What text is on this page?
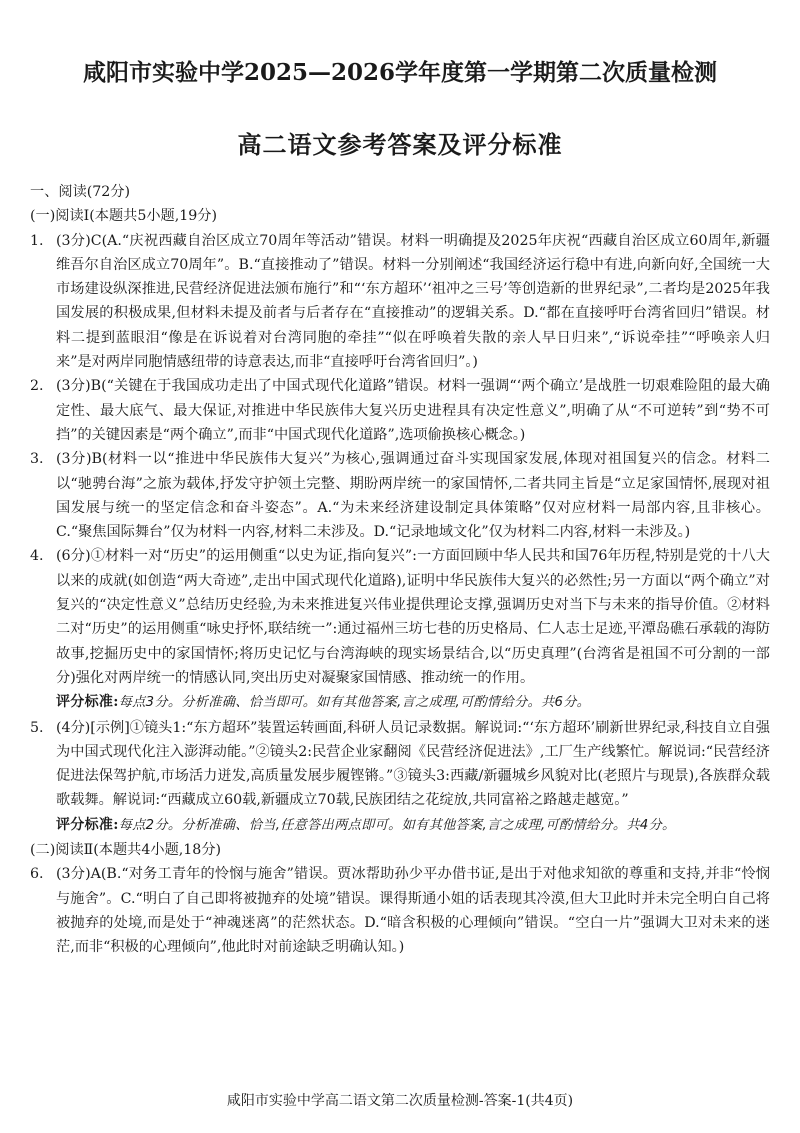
咸阳市实验中学2025—2026学年度第一学期第二次质量检测
高二语文参考答案及评分标准

一、阅读(72分)

(一)阅读Ⅰ(本题共5小题,19分)

1. (3分)C(A.“庆祝西藏自治区成立70周年等活动”错误。材料一明确提及2025年庆祝“西藏自治区成立60周年,新疆维吾尔自治区成立70周年”。B.“直接推动了”错误。材料一分别阐述“我国经济运行稳中有进,向新向好,全国统一大市场建设纵深推进,民营经济促进法颁布施行”和“‘东方超环’‘祖冲之三号’等创造新的世界纪录”,二者均是2025年我国发展的积极成果,但材料未提及前者与后者存在“直接推动”的逻辑关系。D.“都在直接呼吁台湾省回归”错误。材料二提到蓝眼泪“像是在诉说着对台湾同胞的牵挂”“似在呼唤着失散的亲人早日归来”,“诉说牵挂”“呼唤亲人归来”是对两岸同胞情感纽带的诗意表达,而非“直接呼吁台湾省回归”。)

2. (3分)B(“关键在于我国成功走出了中国式现代化道路”错误。材料一强调“‘两个确立’是战胜一切艰难险阻的最大确定性、最大底气、最大保证,对推进中华民族伟大复兴历史进程具有决定性意义”,明确了从“不可逆转”到“势不可挡”的关键因素是“两个确立”,而非“中国式现代化道路”,选项偷换核心概念。)

3. (3分)B(材料一以“推进中华民族伟大复兴”为核心,强调通过奋斗实现国家发展,体现对祖国复兴的信念。材料二以“驰骋台海”之旅为载体,抒发守护领土完整、期盼两岸统一的家国情怀,二者共同主旨是“立足家国情怀,展现对祖国发展与统一的坚定信念和奋斗姿态”。A.“为未来经济建设制定具体策略”仅对应材料一局部内容,且非核心。C.“聚焦国际舞台”仅为材料一内容,材料二未涉及。D.“记录地域文化”仅为材料二内容,材料一未涉及。)

4. (6分)①材料一对“历史”的运用侧重“以史为证,指向复兴”:一方面回顾中华人民共和国76年历程,特别是党的十八大以来的成就(如创造“两大奇迹”,走出中国式现代化道路),证明中华民族伟大复兴的必然性;另一方面以“两个确立”对复兴的“决定性意义”总结历史经验,为未来推进复兴伟业提供理论支撑,强调历史对当下与未来的指导价值。②材料二对“历史”的运用侧重“咏史抒怀,联结统一”:通过福州三坊七巷的历史格局、仁人志士足迹,平潭岛礁石承载的海防故事,挖掘历史中的家国情怀;将历史记忆与台湾海峡的现实场景结合,以“历史真理”(台湾省是祖国不可分割的一部分)强化对两岸统一的情感认同,突出历史对凝聚家国情感、推动统一的作用。

评分标准:每点3分。分析准确、恰当即可。如有其他答案,言之成理,可酌情给分。共6分。

5. (4分)[示例]①镜头1:“东方超环”装置运转画面,科研人员记录数据。解说词:“‘东方超环’刷新世界纪录,科技自立自强为中国式现代化注入澎湃动能。”②镜头2:民营企业家翻阅《民营经济促进法》,工厂生产线繁忙。解说词:“民营经济促进法保驾护航,市场活力迸发,高质量发展步履铿锵。”③镜头3:西藏/新疆城乡风貌对比(老照片与现景),各族群众载歌载舞。解说词:“西藏成立60载,新疆成立70载,民族团结之花绽放,共同富裕之路越走越宽。”

评分标准:每点2分。分析准确、恰当,任意答出两点即可。如有其他答案,言之成理,可酌情给分。共4分。

(二)阅读Ⅱ(本题共4小题,18分)

6. (3分)A(B.“对务工青年的怜悯与施舍”错误。贾冰帮助孙少平办借书证,是出于对他求知欲的尊重和支持,并非“怜悯与施舍”。C.“明白了自己即将被抛弃的处境”错误。课得斯通小姐的话表现其冷漠,但大卫此时并未完全明白自己将被抛弃的处境,而是处于“神魂迷离”的茫然状态。D.“暗含积极的心理倾向”错误。“空白一片”强调大卫对未来的迷茫,而非“积极的心理倾向”,他此时对前途缺乏明确认知。)

咸阳市实验中学高二语文第二次质量检测-答案-1(共4页)
